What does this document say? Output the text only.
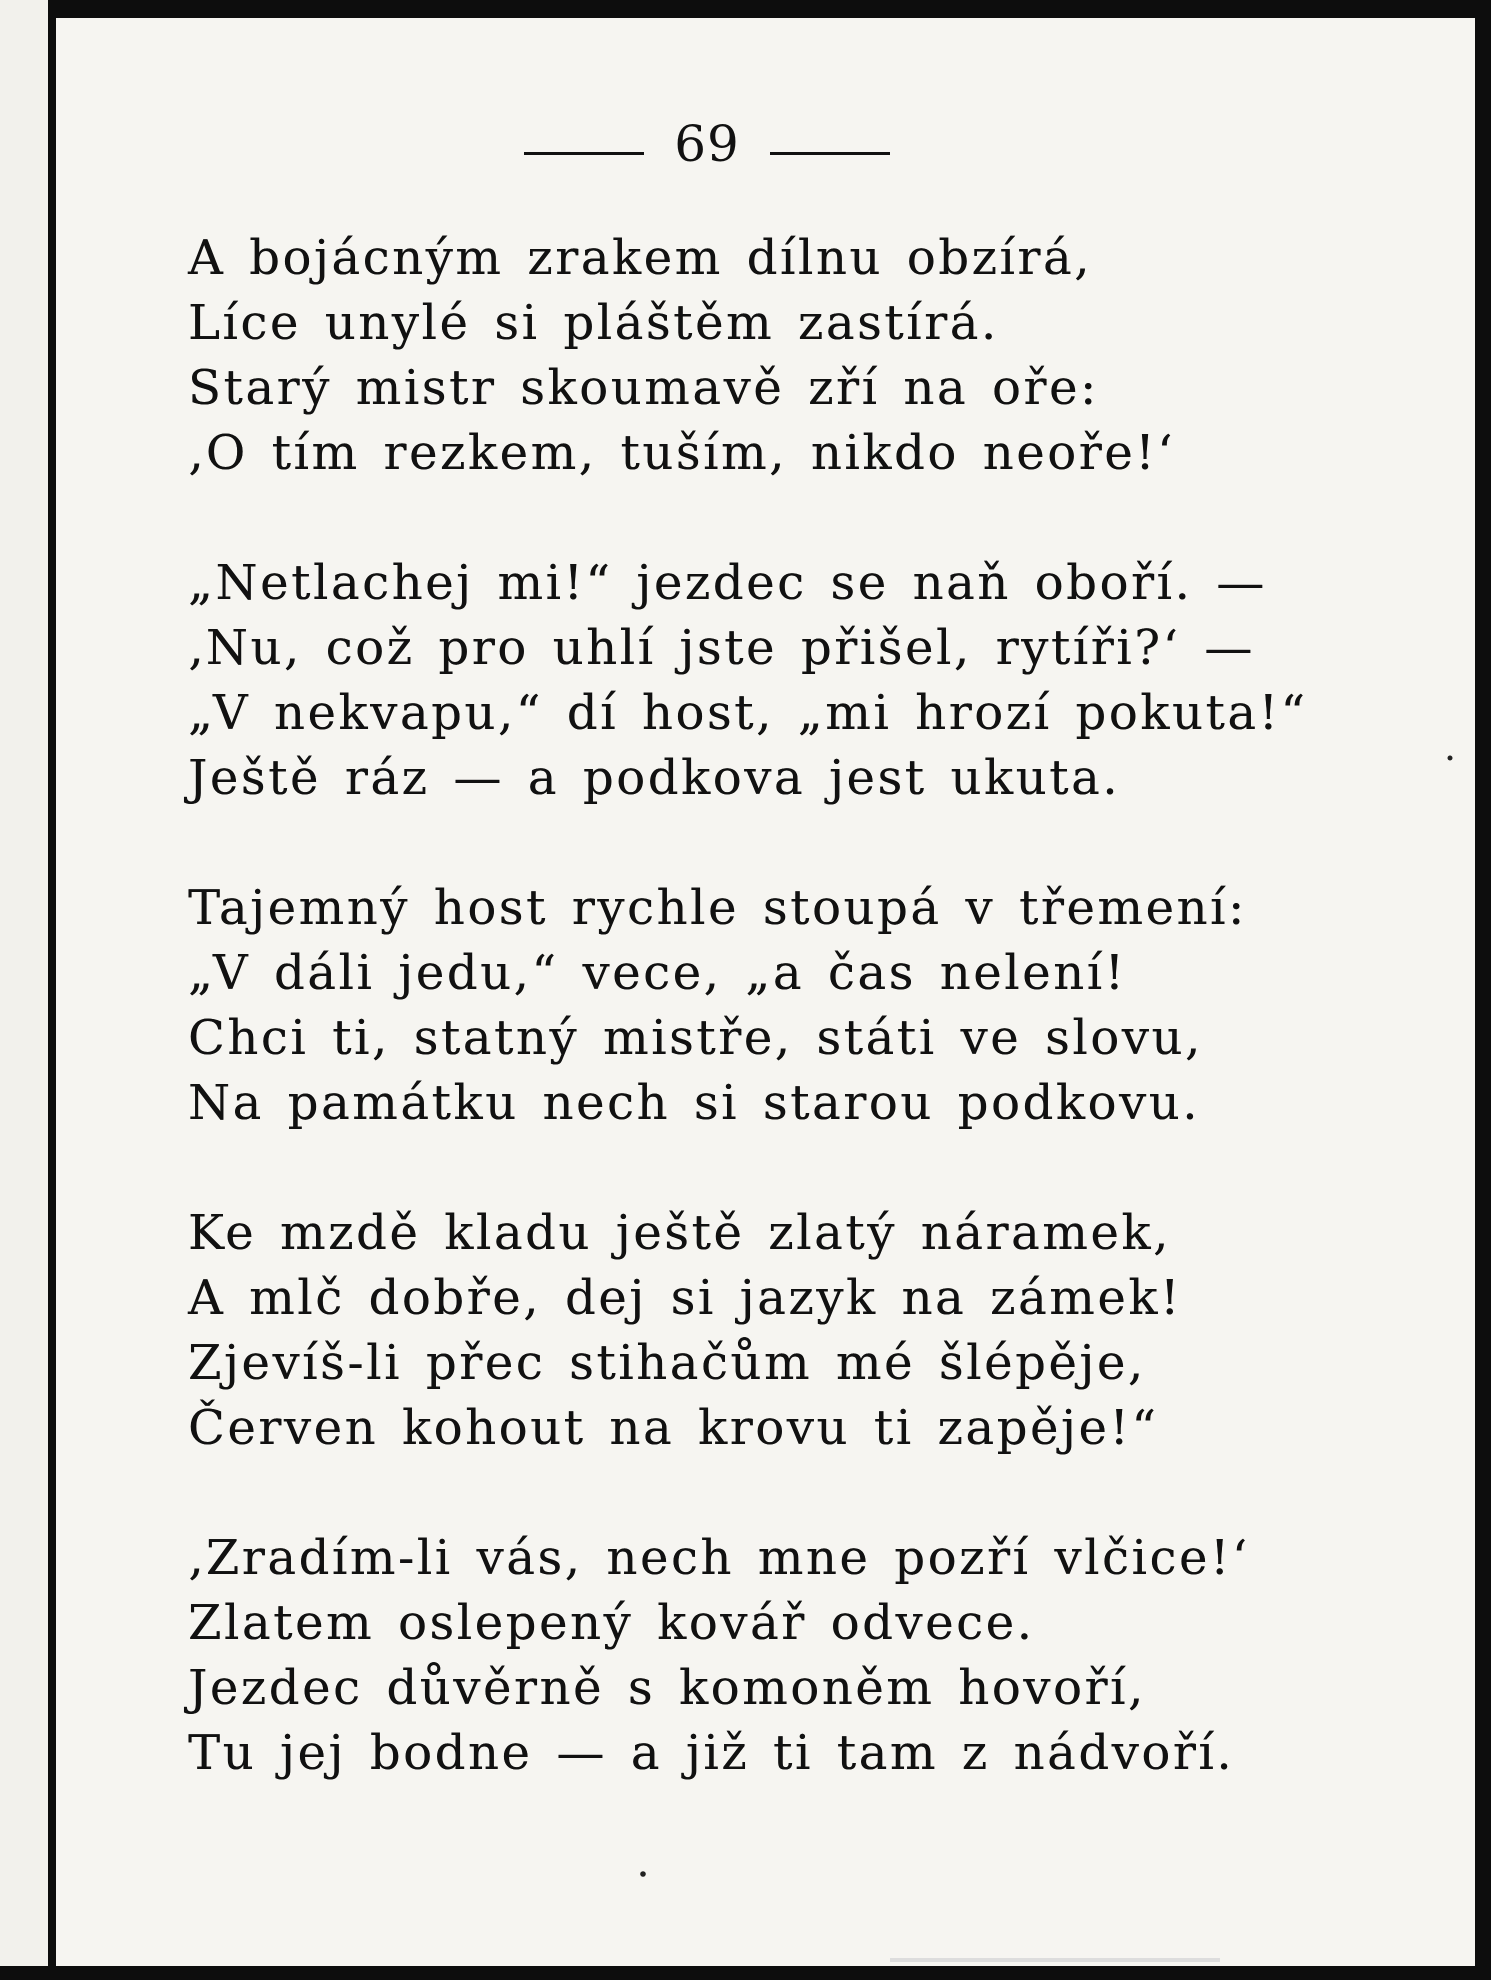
69
A bojácným zrakem dílnu obzírá,
Líce unylé si pláštěm zastírá.
Starý mistr skoumavě zří na oře:
‚O tím rezkem, tuším, nikdo neoře!‘
„Netlachej mi!“ jezdec se naň oboří. —
‚Nu, což pro uhlí jste přišel, rytíři?‘ —
„V nekvapu,“ dí host, „mi hrozí pokuta!“
Ještě ráz — a podkova jest ukuta.
Tajemný host rychle stoupá v třemení:
„V dáli jedu,“ vece, „a čas nelení!
Chci ti, statný mistře, státi ve slovu,
Na památku nech si starou podkovu.
Ke mzdě kladu ještě zlatý náramek,
A mlč dobře, dej si jazyk na zámek!
Zjevíš-li přec stihačům mé šlépěje,
Červen kohout na krovu ti zapěje!“
‚Zradím-li vás, nech mne pozří vlčice!‘
Zlatem oslepený kovář odvece.
Jezdec důvěrně s komoněm hovoří,
Tu jej bodne — a již ti tam z nádvoří.
